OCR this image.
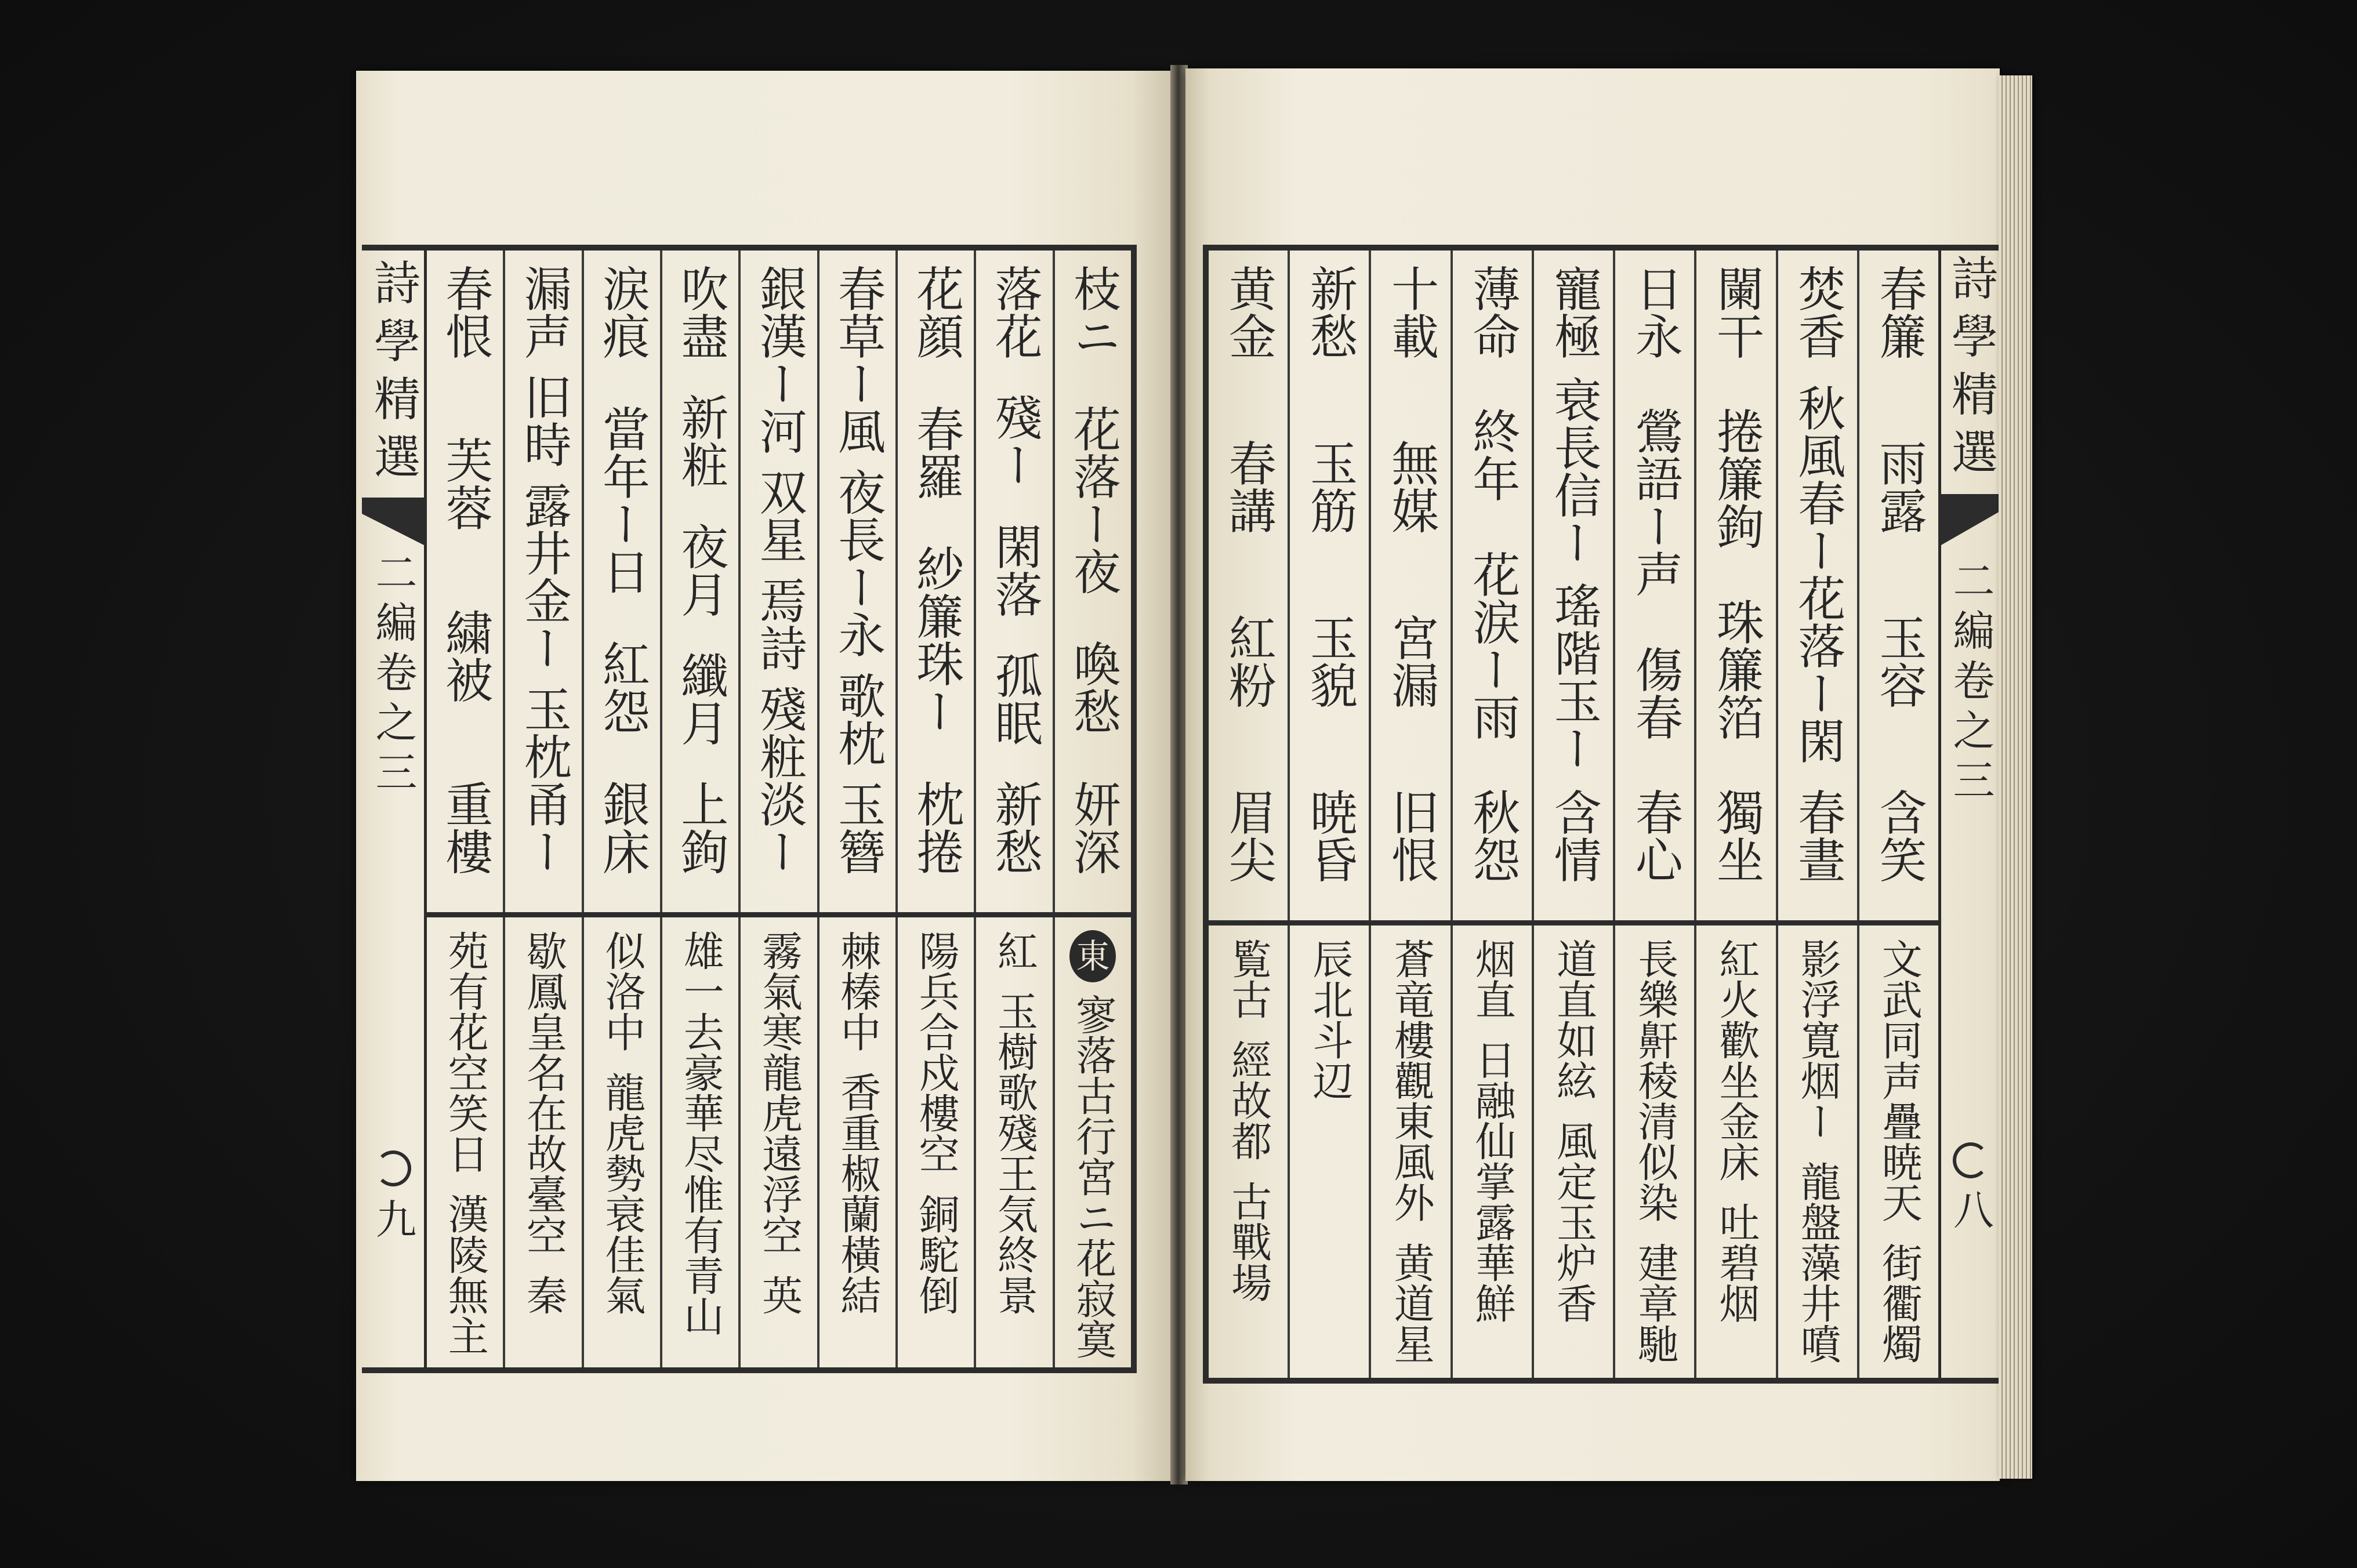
詩學精選
二編卷之三
九
枝ニ
花落ー夜
喚愁
妍深
落花
殘ー
閑落
孤眠
新愁
花顔
春羅
紗簾珠ー
枕捲
春草ー風
夜長ー永
歌枕
玉簪
銀漢ー河
双星
焉詩
殘粧淡ー
吹盡
新粧
夜月
纖月
上鉤
涙痕
當年ー日
紅怨
銀床
漏声
旧時
露井金ー
玉枕甬ー
春恨
芙蓉
繍被
重樓
東
寥落古行宮ニ花寂寞
紅
玉樹歌殘王気終景
陽兵合戍樓空
銅駝倒
棘榛中
香重椒蘭橫結
霧氣寒龍虎遠浮空
英
雄一去豪華尽惟有青山
似洛中
龍虎勢衰佳氣
歇鳳皇名在故臺空
秦
苑有花空笑日
漢陵無主
春簾
雨露
玉容
含笑
焚香
秋風春ー花落ー閑
春晝
闌干
捲簾鉤
珠簾箔
獨坐
日永
鶯語ー声
傷春
春心
寵極
衰長信ー
瑤階玉ー
含情
薄命
終年
花涙ー雨
秋怨
十載
無媒
宮漏
旧恨
新愁
玉筋
玉貌
暁昏
黄金
春講
紅粉
眉尖
文武同声疊暁天
街衢燭
影浮寛烟ー
龍盤藻井噴
紅火歡坐金床
吐碧烟
長樂鼾稜清似染
建章馳
道直如絃
風定玉炉香
烟直
日融仙掌露華鮮
蒼竜樓觀東風外
黄道星
辰北斗辺
覧古
經故都
古戰場
詩學精選
二編卷之三
八
